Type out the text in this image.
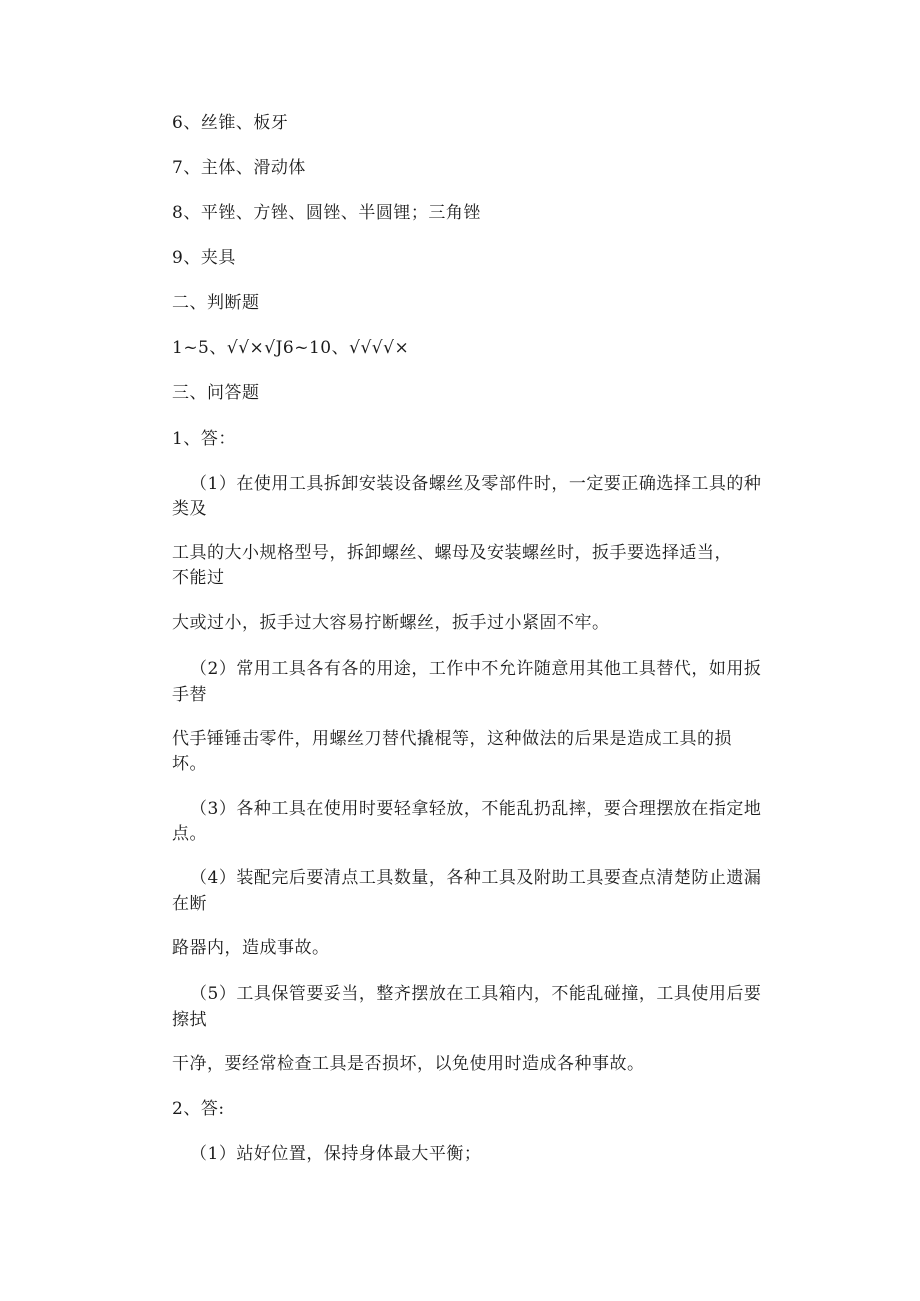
6、丝锥、板牙
7、主体、滑动体
8、平锉、方锉、圆锉、半圆锂；三角锉
9、夹具
二、判断题
1~5、√√×√J6~10、√√√√×
三、问答题
1、答：
（1）在使用工具拆卸安装设备螺丝及零部件时，一定要正确选择工具的种
类及
工具的大小规格型号，拆卸螺丝、螺母及安装螺丝时，扳手要选择适当，
不能过
大或过小，扳手过大容易拧断螺丝，扳手过小紧固不牢。
（2）常用工具各有各的用途，工作中不允许随意用其他工具替代，如用扳
手替
代手锤锤击零件，用螺丝刀替代撬棍等，这种做法的后果是造成工具的损
坏。
（3）各种工具在使用时要轻拿轻放，不能乱扔乱摔，要合理摆放在指定地
点。
（4）装配完后要清点工具数量，各种工具及附助工具要查点清楚防止遗漏
在断
路器内，造成事故。
（5）工具保管要妥当，整齐摆放在工具箱内，不能乱碰撞，工具使用后要
擦拭
干净，要经常检查工具是否损坏，以免使用时造成各种事故。
2、答:
（1）站好位置，保持身体最大平衡；
